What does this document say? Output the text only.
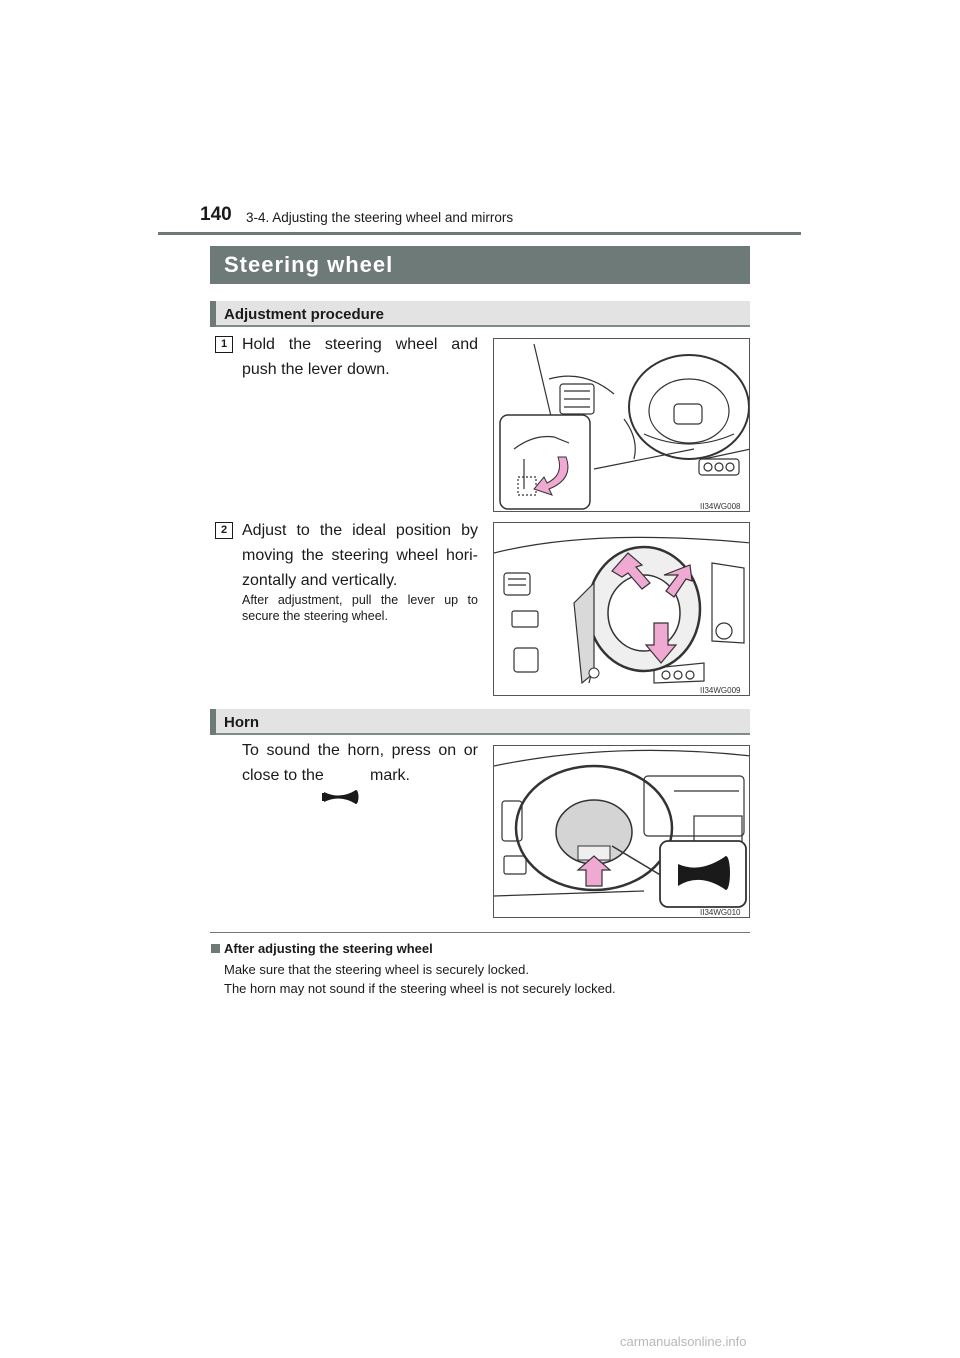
140 3-4. Adjusting the steering wheel and mirrors
Steering wheel
Adjustment procedure
1 Hold the steering wheel and push the lever down.
II34WG008
2 Adjust to the ideal position by moving the steering wheel hori-zontally and vertically.
After adjustment, pull the lever up to secure the steering wheel.
II34WG009
Horn
To sound the horn, press on or close to the	mark.
II34WG010
After adjusting the steering wheel
Make sure that the steering wheel is securely locked.
The horn may not sound if the steering wheel is not securely locked.
carmanualsonline.info
